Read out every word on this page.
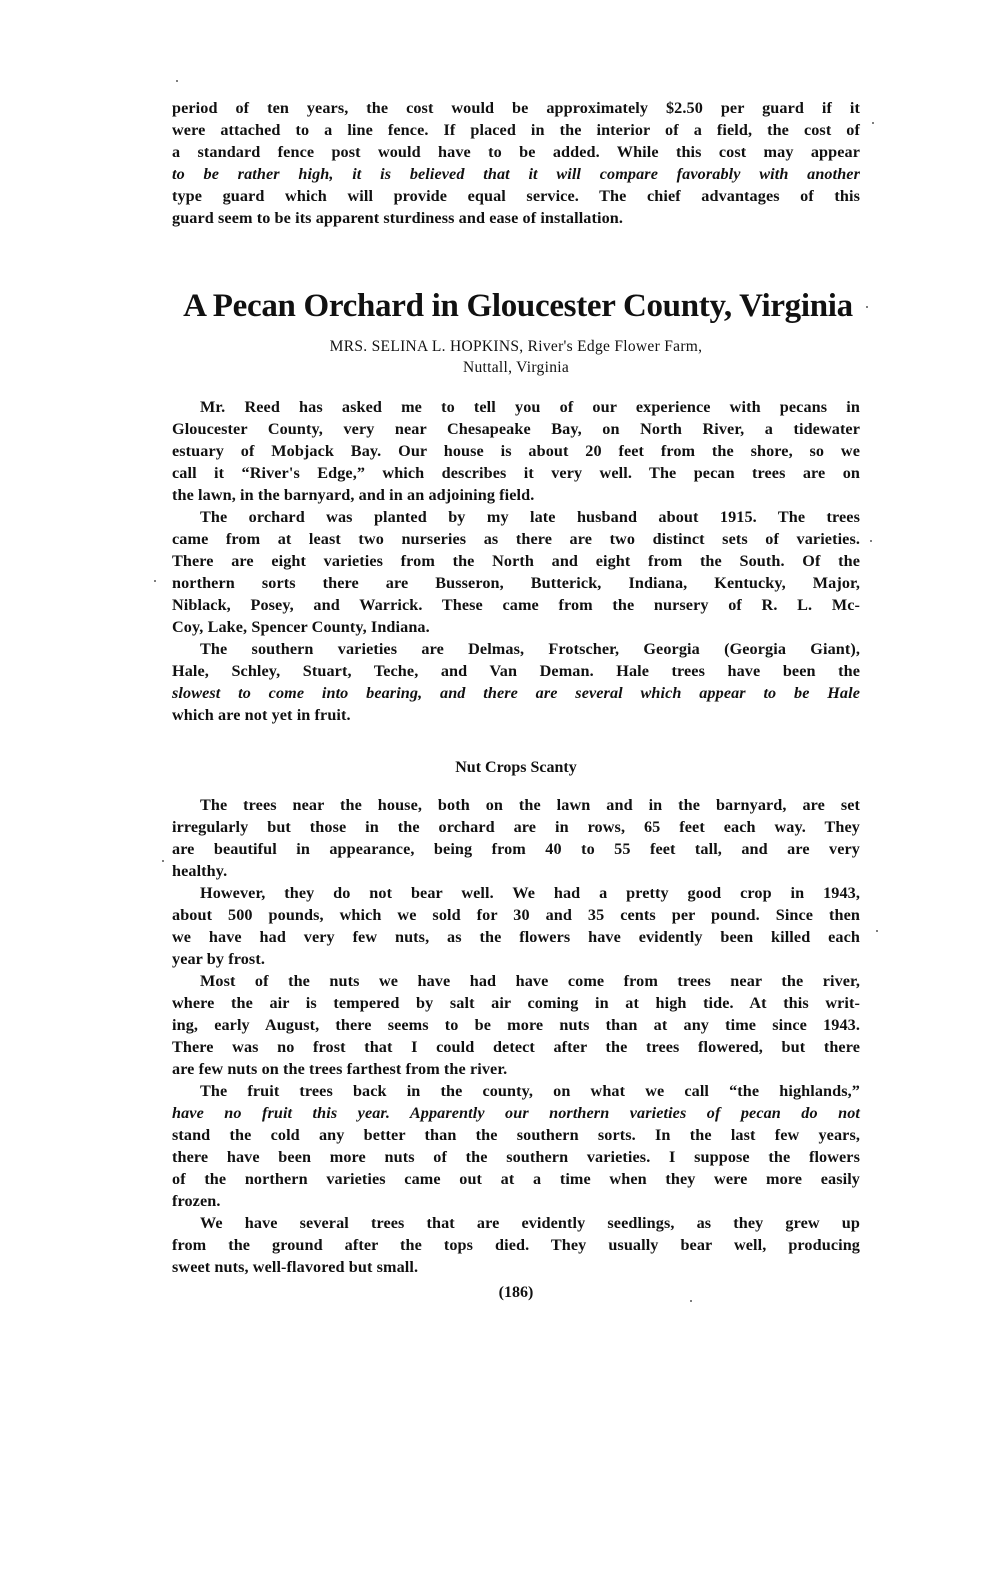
period of ten years, the cost would be approximately $2.50 per guard if it
were attached to a line fence. If placed in the interior of a field, the cost of
a standard fence post would have to be added. While this cost may appear
to be rather high, it is believed that it will compare favorably with another
type guard which will provide equal service. The chief advantages of this
guard seem to be its apparent sturdiness and ease of installation.
A Pecan Orchard in Gloucester County, Virginia
MRS. SELINA L. HOPKINS, River's Edge Flower Farm,
Nuttall, Virginia
Mr. Reed has asked me to tell you of our experience with pecans in
Gloucester County, very near Chesapeake Bay, on North River, a tidewater
estuary of Mobjack Bay. Our house is about 20 feet from the shore, so we
call it “River's Edge,” which describes it very well. The pecan trees are on
the lawn, in the barnyard, and in an adjoining field.
The orchard was planted by my late husband about 1915. The trees
came from at least two nurseries as there are two distinct sets of varieties.
There are eight varieties from the North and eight from the South. Of the
northern sorts there are Busseron, Butterick, Indiana, Kentucky, Major,
Niblack, Posey, and Warrick. These came from the nursery of R. L. Mc-
Coy, Lake, Spencer County, Indiana.
The southern varieties are Delmas, Frotscher, Georgia (Georgia Giant),
Hale, Schley, Stuart, Teche, and Van Deman. Hale trees have been the
slowest to come into bearing, and there are several which appear to be Hale
which are not yet in fruit.
Nut Crops Scanty
The trees near the house, both on the lawn and in the barnyard, are set
irregularly but those in the orchard are in rows, 65 feet each way. They
are beautiful in appearance, being from 40 to 55 feet tall, and are very
healthy.
However, they do not bear well. We had a pretty good crop in 1943,
about 500 pounds, which we sold for 30 and 35 cents per pound. Since then
we have had very few nuts, as the flowers have evidently been killed each
year by frost.
Most of the nuts we have had have come from trees near the river,
where the air is tempered by salt air coming in at high tide. At this writ-
ing, early August, there seems to be more nuts than at any time since 1943.
There was no frost that I could detect after the trees flowered, but there
are few nuts on the trees farthest from the river.
The fruit trees back in the county, on what we call “the highlands,”
have no fruit this year. Apparently our northern varieties of pecan do not
stand the cold any better than the southern sorts. In the last few years,
there have been more nuts of the southern varieties. I suppose the flowers
of the northern varieties came out at a time when they were more easily
frozen.
We have several trees that are evidently seedlings, as they grew up
from the ground after the tops died. They usually bear well, producing
sweet nuts, well-flavored but small.
(186)
